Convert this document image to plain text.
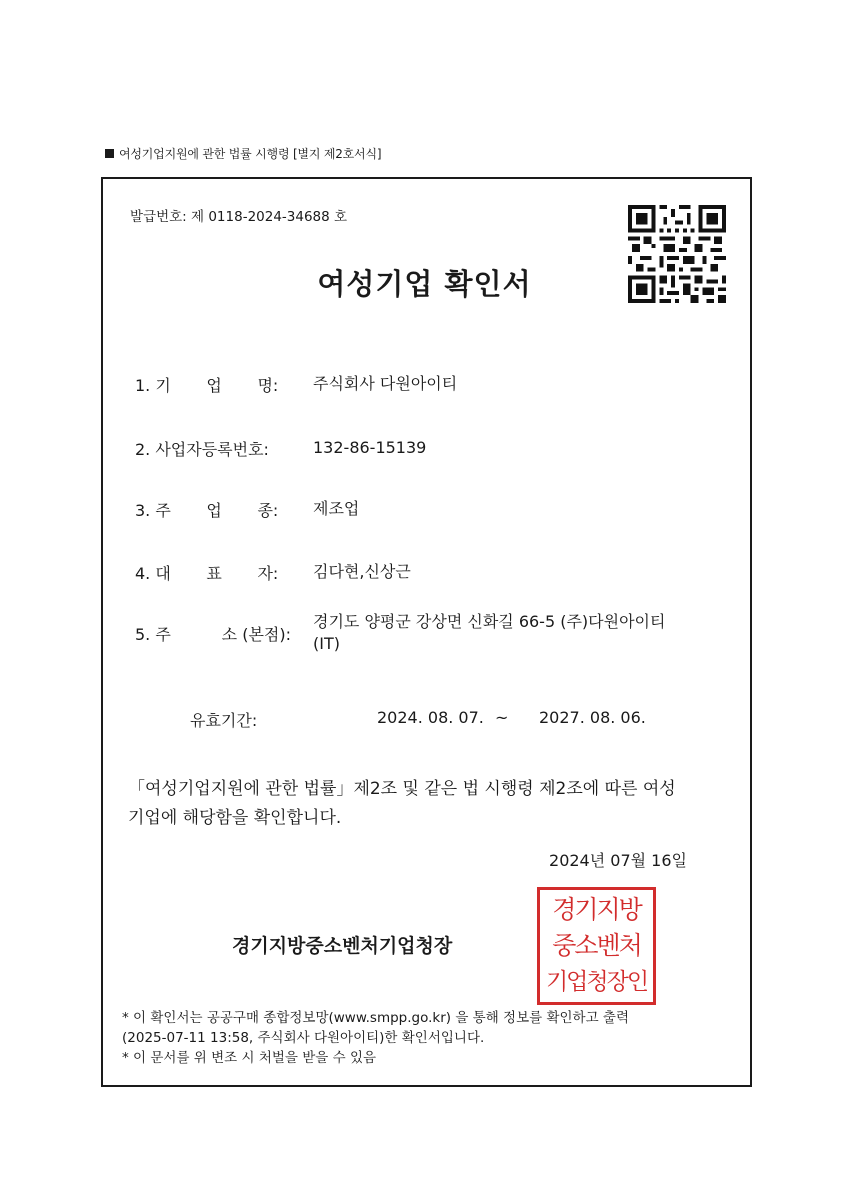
여성기업지원에 관한 법률 시행령 [별지 제2호서식]
발급번호: 제 0118-2024-34688 호
여성기업 확인서
1. 기       업       명: 주식회사 다원아이티
2. 사업자등록번호:	132-86-15139
3. 주       업       종: 제조업
4. 대       표       자: 김다현,신상근
5. 주          소 (본점):
경기도 양평군 강상면 신화길 66-5 (주)다원아이티 (IT)
유효기간:	2024. 08. 07. ~ 2027. 08. 06.
「여성기업지원에 관한 법률」제2조 및 같은 법 시행령 제2조에 따른 여성기업에 해당함을 확인합니다.
2024년 07월 16일
경기지방중소벤처기업청장
경기지방
중소벤처
기업청장인
* 이 확인서는 공공구매 종합정보망(www.smpp.go.kr) 을 통해 정보를 확인하고 출력
(2025-07-11 13:58, 주식회사 다원아이티)한 확인서입니다.
* 이 문서를 위 변조 시 처벌을 받을 수 있음
